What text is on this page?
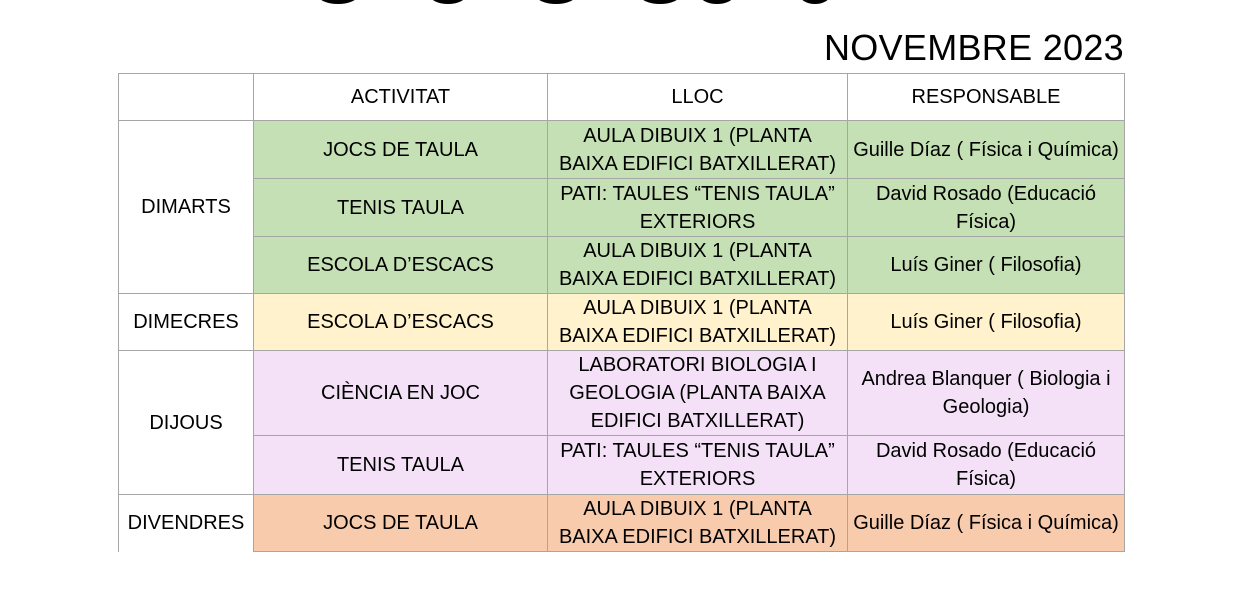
NOVEMBRE 2023
	ACTIVITAT	LLOC	RESPONSABLE
DIMARTS	JOCS DE TAULA	AULA DIBUIX 1 (PLANTA BAIXA EDIFICI BATXILLERAT)	Guille Díaz ( Física i Química)
	TENIS TAULA	PATI: TAULES “TENIS TAULA” EXTERIORS	David Rosado (Educació Física)
	ESCOLA D’ESCACS	AULA DIBUIX 1 (PLANTA BAIXA EDIFICI BATXILLERAT)	Luís Giner ( Filosofia)
DIMECRES	ESCOLA D’ESCACS	AULA DIBUIX 1 (PLANTA BAIXA EDIFICI BATXILLERAT)	Luís Giner ( Filosofia)
DIJOUS	CIÈNCIA EN JOC	LABORATORI BIOLOGIA I GEOLOGIA (PLANTA BAIXA EDIFICI BATXILLERAT)	Andrea Blanquer ( Biologia i Geologia)
	TENIS TAULA	PATI: TAULES “TENIS TAULA” EXTERIORS	David Rosado (Educació Física)
DIVENDRES	JOCS DE TAULA	AULA DIBUIX 1 (PLANTA BAIXA EDIFICI BATXILLERAT)	Guille Díaz ( Física i Química)
